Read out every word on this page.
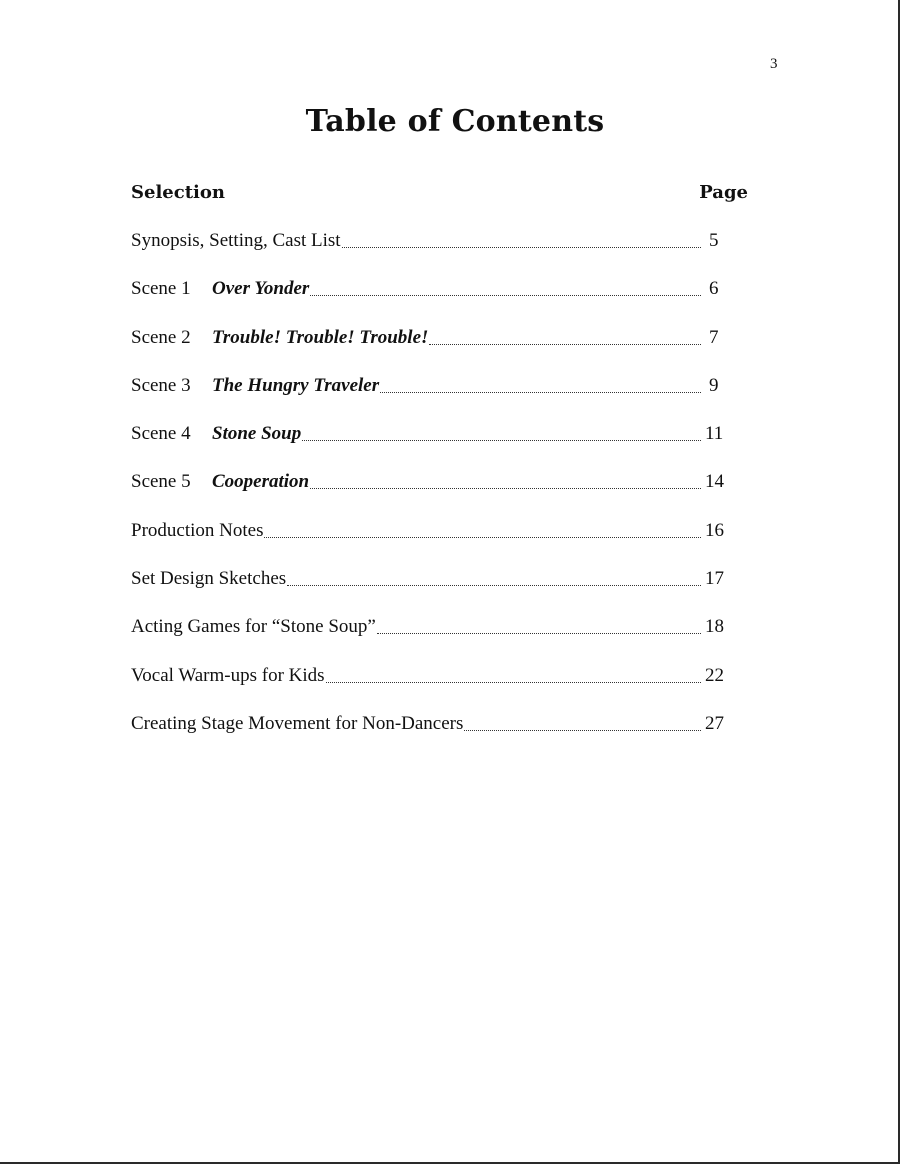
3
Table of Contents
Selection	Page
Synopsis, Setting, Cast List	5
Scene 1 Over Yonder	6
Scene 2 Trouble! Trouble! Trouble!	7
Scene 3 The Hungry Traveler	9
Scene 4 Stone Soup	11
Scene 5 Cooperation	14
Production Notes	16
Set Design Sketches	17
Acting Games for “Stone Soup”	18
Vocal Warm-ups for Kids	22
Creating Stage Movement for Non-Dancers	27
